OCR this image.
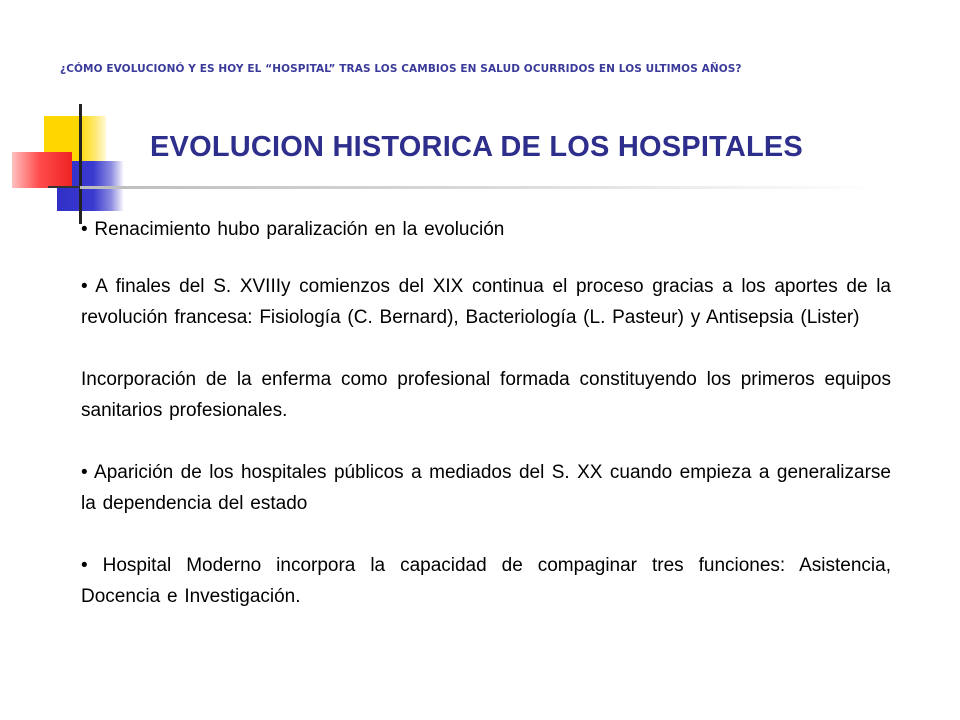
¿CÓMO EVOLUCIONÓ Y ES HOY EL “HOSPITAL” TRAS LOS CAMBIOS EN SALUD OCURRIDOS EN LOS ULTIMOS AÑOS?
EVOLUCION HISTORICA DE LOS HOSPITALES
• Renacimiento hubo paralización en la evolución
• A finales del S. XVIIIy comienzos del XIX continua el proceso gracias a los aportes de la revolución francesa: Fisiología (C. Bernard), Bacteriología (L. Pasteur) y Antisepsia (Lister)
Incorporación de la enferma como profesional formada constituyendo los primeros equipos sanitarios profesionales.
• Aparición de los hospitales públicos a mediados del S. XX cuando empieza a generalizarse la dependencia del estado
• Hospital Moderno incorpora la capacidad de compaginar tres funciones: Asistencia, Docencia e Investigación.
